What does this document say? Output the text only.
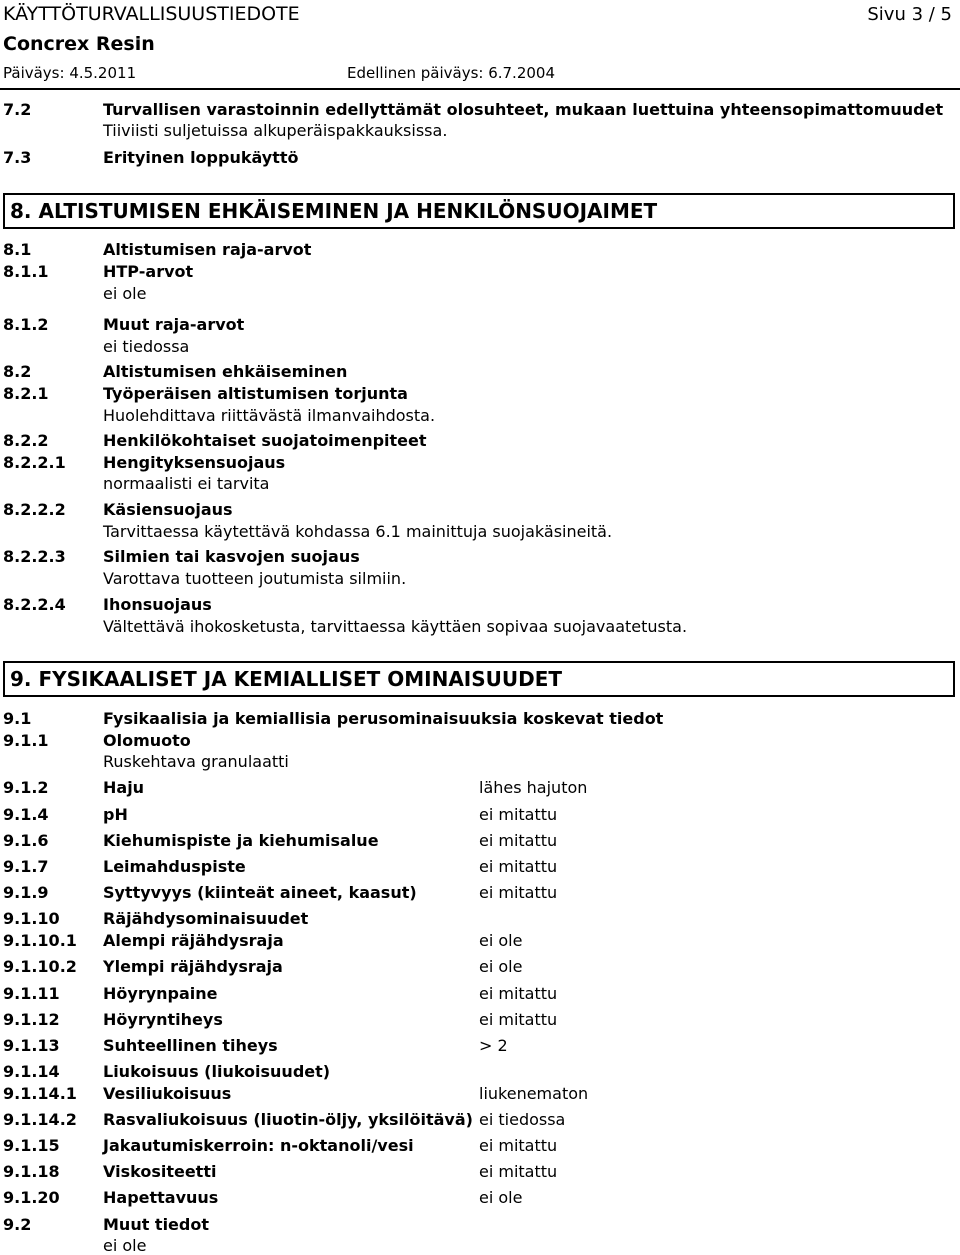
KÄYTTÖTURVALLISUUSTIEDOTE	Sivu 3 / 5
Concrex Resin
Päiväys: 4.5.2011	Edellinen päiväys: 6.7.2004
7.2	Turvallisen varastoinnin edellyttämät olosuhteet, mukaan luettuina yhteensopimattomuudet
Tiiviisti suljetuissa alkuperäispakkauksissa.
7.3	Erityinen loppukäyttö
8. ALTISTUMISEN EHKÄISEMINEN JA HENKILÖNSUOJAIMET
8.1	Altistumisen raja-arvot
8.1.1	HTP-arvot
ei ole
8.1.2	Muut raja-arvot
ei tiedossa
8.2	Altistumisen ehkäiseminen
8.2.1	Työperäisen altistumisen torjunta
Huolehdittava riittävästä ilmanvaihdosta.
8.2.2	Henkilökohtaiset suojatoimenpiteet
8.2.2.1 Hengityksensuojaus
normaalisti ei tarvita
8.2.2.2 Käsiensuojaus
Tarvittaessa käytettävä kohdassa 6.1 mainittuja suojakäsineitä.
8.2.2.3 Silmien tai kasvojen suojaus
Varottava tuotteen joutumista silmiin.
8.2.2.4 Ihonsuojaus
Vältettävä ihokosketusta, tarvittaessa käyttäen sopivaa suojavaatetusta.
9. FYSIKAALISET JA KEMIALLISET OMINAISUUDET
9.1	Fysikaalisia ja kemiallisia perusominaisuuksia koskevat tiedot
9.1.1	Olomuoto
Ruskehtava granulaatti
9.1.2	Haju	lähes hajuton
9.1.4	pH	ei mitattu
9.1.6	Kiehumispiste ja kiehumisalue	ei mitattu
9.1.7	Leimahduspiste	ei mitattu
9.1.9	Syttyvyys (kiinteät aineet, kaasut)	ei mitattu
9.1.10	Räjähdysominaisuudet
9.1.10.1 Alempi räjähdysraja	ei ole
9.1.10.2 Ylempi räjähdysraja	ei ole
9.1.11	Höyrynpaine	ei mitattu
9.1.12	Höyryntiheys	ei mitattu
9.1.13	Suhteellinen tiheys	> 2
9.1.14	Liukoisuus (liukoisuudet)
9.1.14.1 Vesiliukoisuus	liukenematon
9.1.14.2 Rasvaliukoisuus (liuotin-öljy, yksilöitävä) ei tiedossa
9.1.15	Jakautumiskerroin: n-oktanoli/vesi	ei mitattu
9.1.18	Viskositeetti	ei mitattu
9.1.20	Hapettavuus	ei ole
9.2	Muut tiedot
ei ole
